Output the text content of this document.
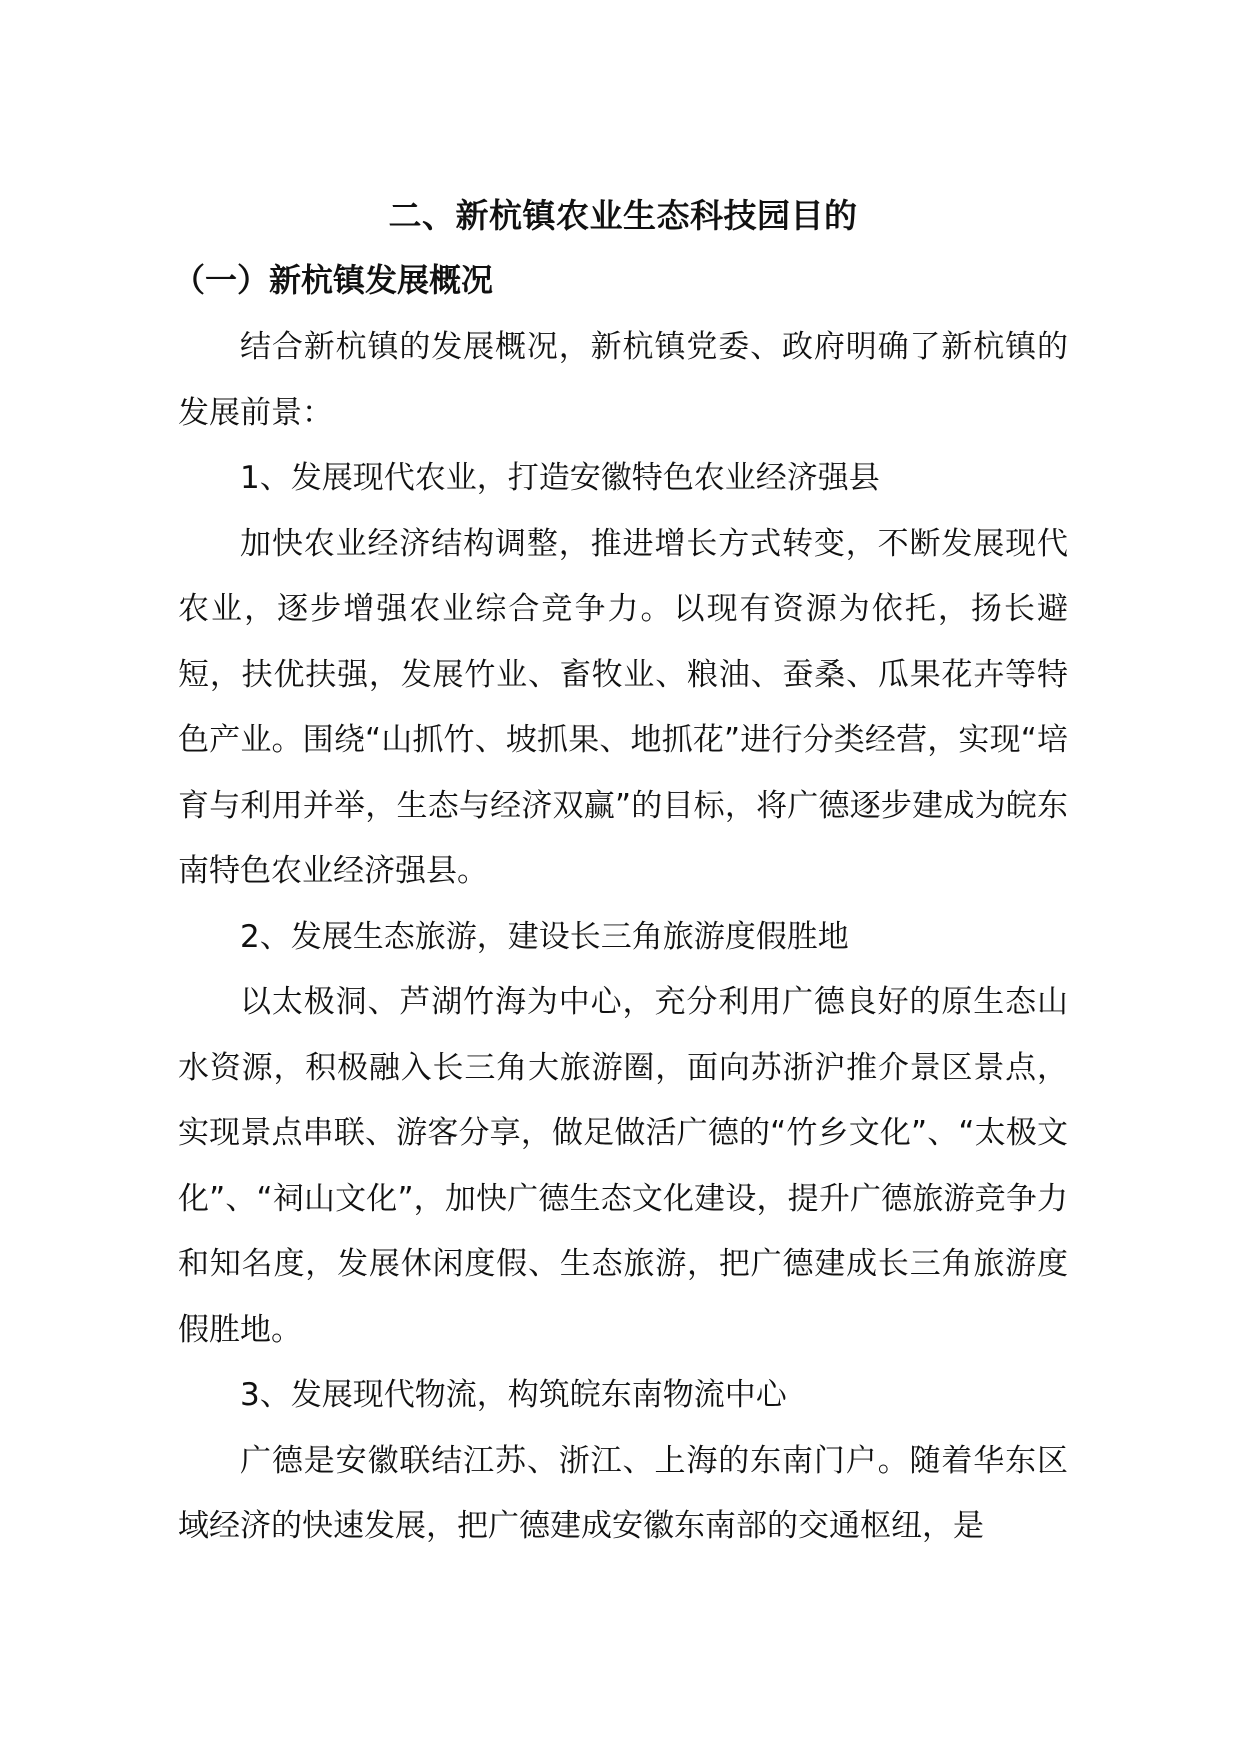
二、新杭镇农业生态科技园目的
（一）新杭镇发展概况

结合新杭镇的发展概况，新杭镇党委、政府明确了新杭镇的发展前景：

1、发展现代农业，打造安徽特色农业经济强县

加快农业经济结构调整，推进增长方式转变，不断发展现代农业，逐步增强农业综合竞争力。以现有资源为依托，扬长避短，扶优扶强，发展竹业、畜牧业、粮油、蚕桑、瓜果花卉等特色产业。围绕“山抓竹、坡抓果、地抓花”进行分类经营，实现“培育与利用并举，生态与经济双赢”的目标，将广德逐步建成为皖东南特色农业经济强县。

2、发展生态旅游，建设长三角旅游度假胜地

以太极洞、芦湖竹海为中心，充分利用广德良好的原生态山水资源，积极融入长三角大旅游圈，面向苏浙沪推介景区景点，实现景点串联、游客分享，做足做活广德的“竹乡文化”、“太极文化”、“祠山文化”，加快广德生态文化建设，提升广德旅游竞争力和知名度，发展休闲度假、生态旅游，把广德建成长三角旅游度假胜地。

3、发展现代物流，构筑皖东南物流中心

广德是安徽联结江苏、浙江、上海的东南门户。随着华东区域经济的快速发展，把广德建成安徽东南部的交通枢纽，是
